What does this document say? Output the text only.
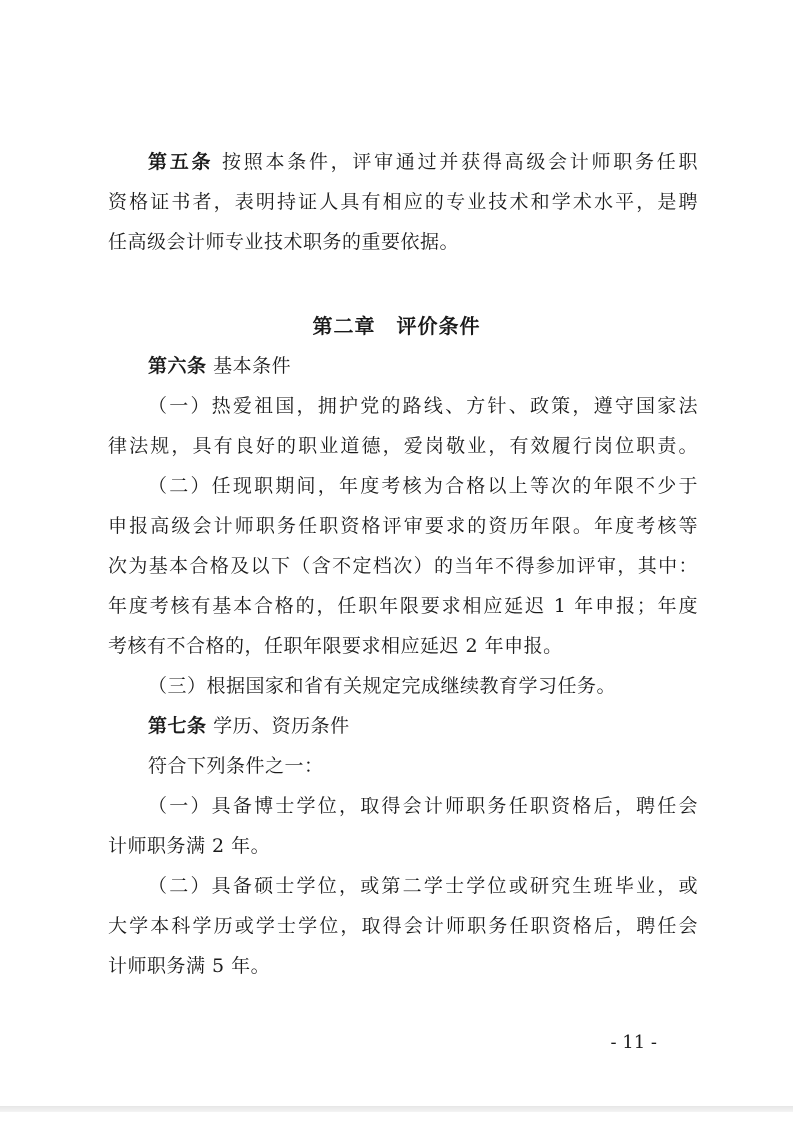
第五条 按照本条件，评审通过并获得高级会计师职务任职
资格证书者，表明持证人具有相应的专业技术和学术水平，是聘
任高级会计师专业技术职务的重要依据。
第二章　评价条件
第六条 基本条件
（一）热爱祖国，拥护党的路线、方针、政策，遵守国家法
律法规，具有良好的职业道德，爱岗敬业，有效履行岗位职责。
（二）任现职期间，年度考核为合格以上等次的年限不少于
申报高级会计师职务任职资格评审要求的资历年限。年度考核等
次为基本合格及以下（含不定档次）的当年不得参加评审，其中：
年度考核有基本合格的，任职年限要求相应延迟 1 年申报；年度
考核有不合格的，任职年限要求相应延迟 2 年申报。
（三）根据国家和省有关规定完成继续教育学习任务。
第七条 学历、资历条件
符合下列条件之一：
（一）具备博士学位，取得会计师职务任职资格后，聘任会
计师职务满 2 年。
（二）具备硕士学位，或第二学士学位或研究生班毕业，或
大学本科学历或学士学位，取得会计师职务任职资格后，聘任会
计师职务满 5 年。
- 11 -
